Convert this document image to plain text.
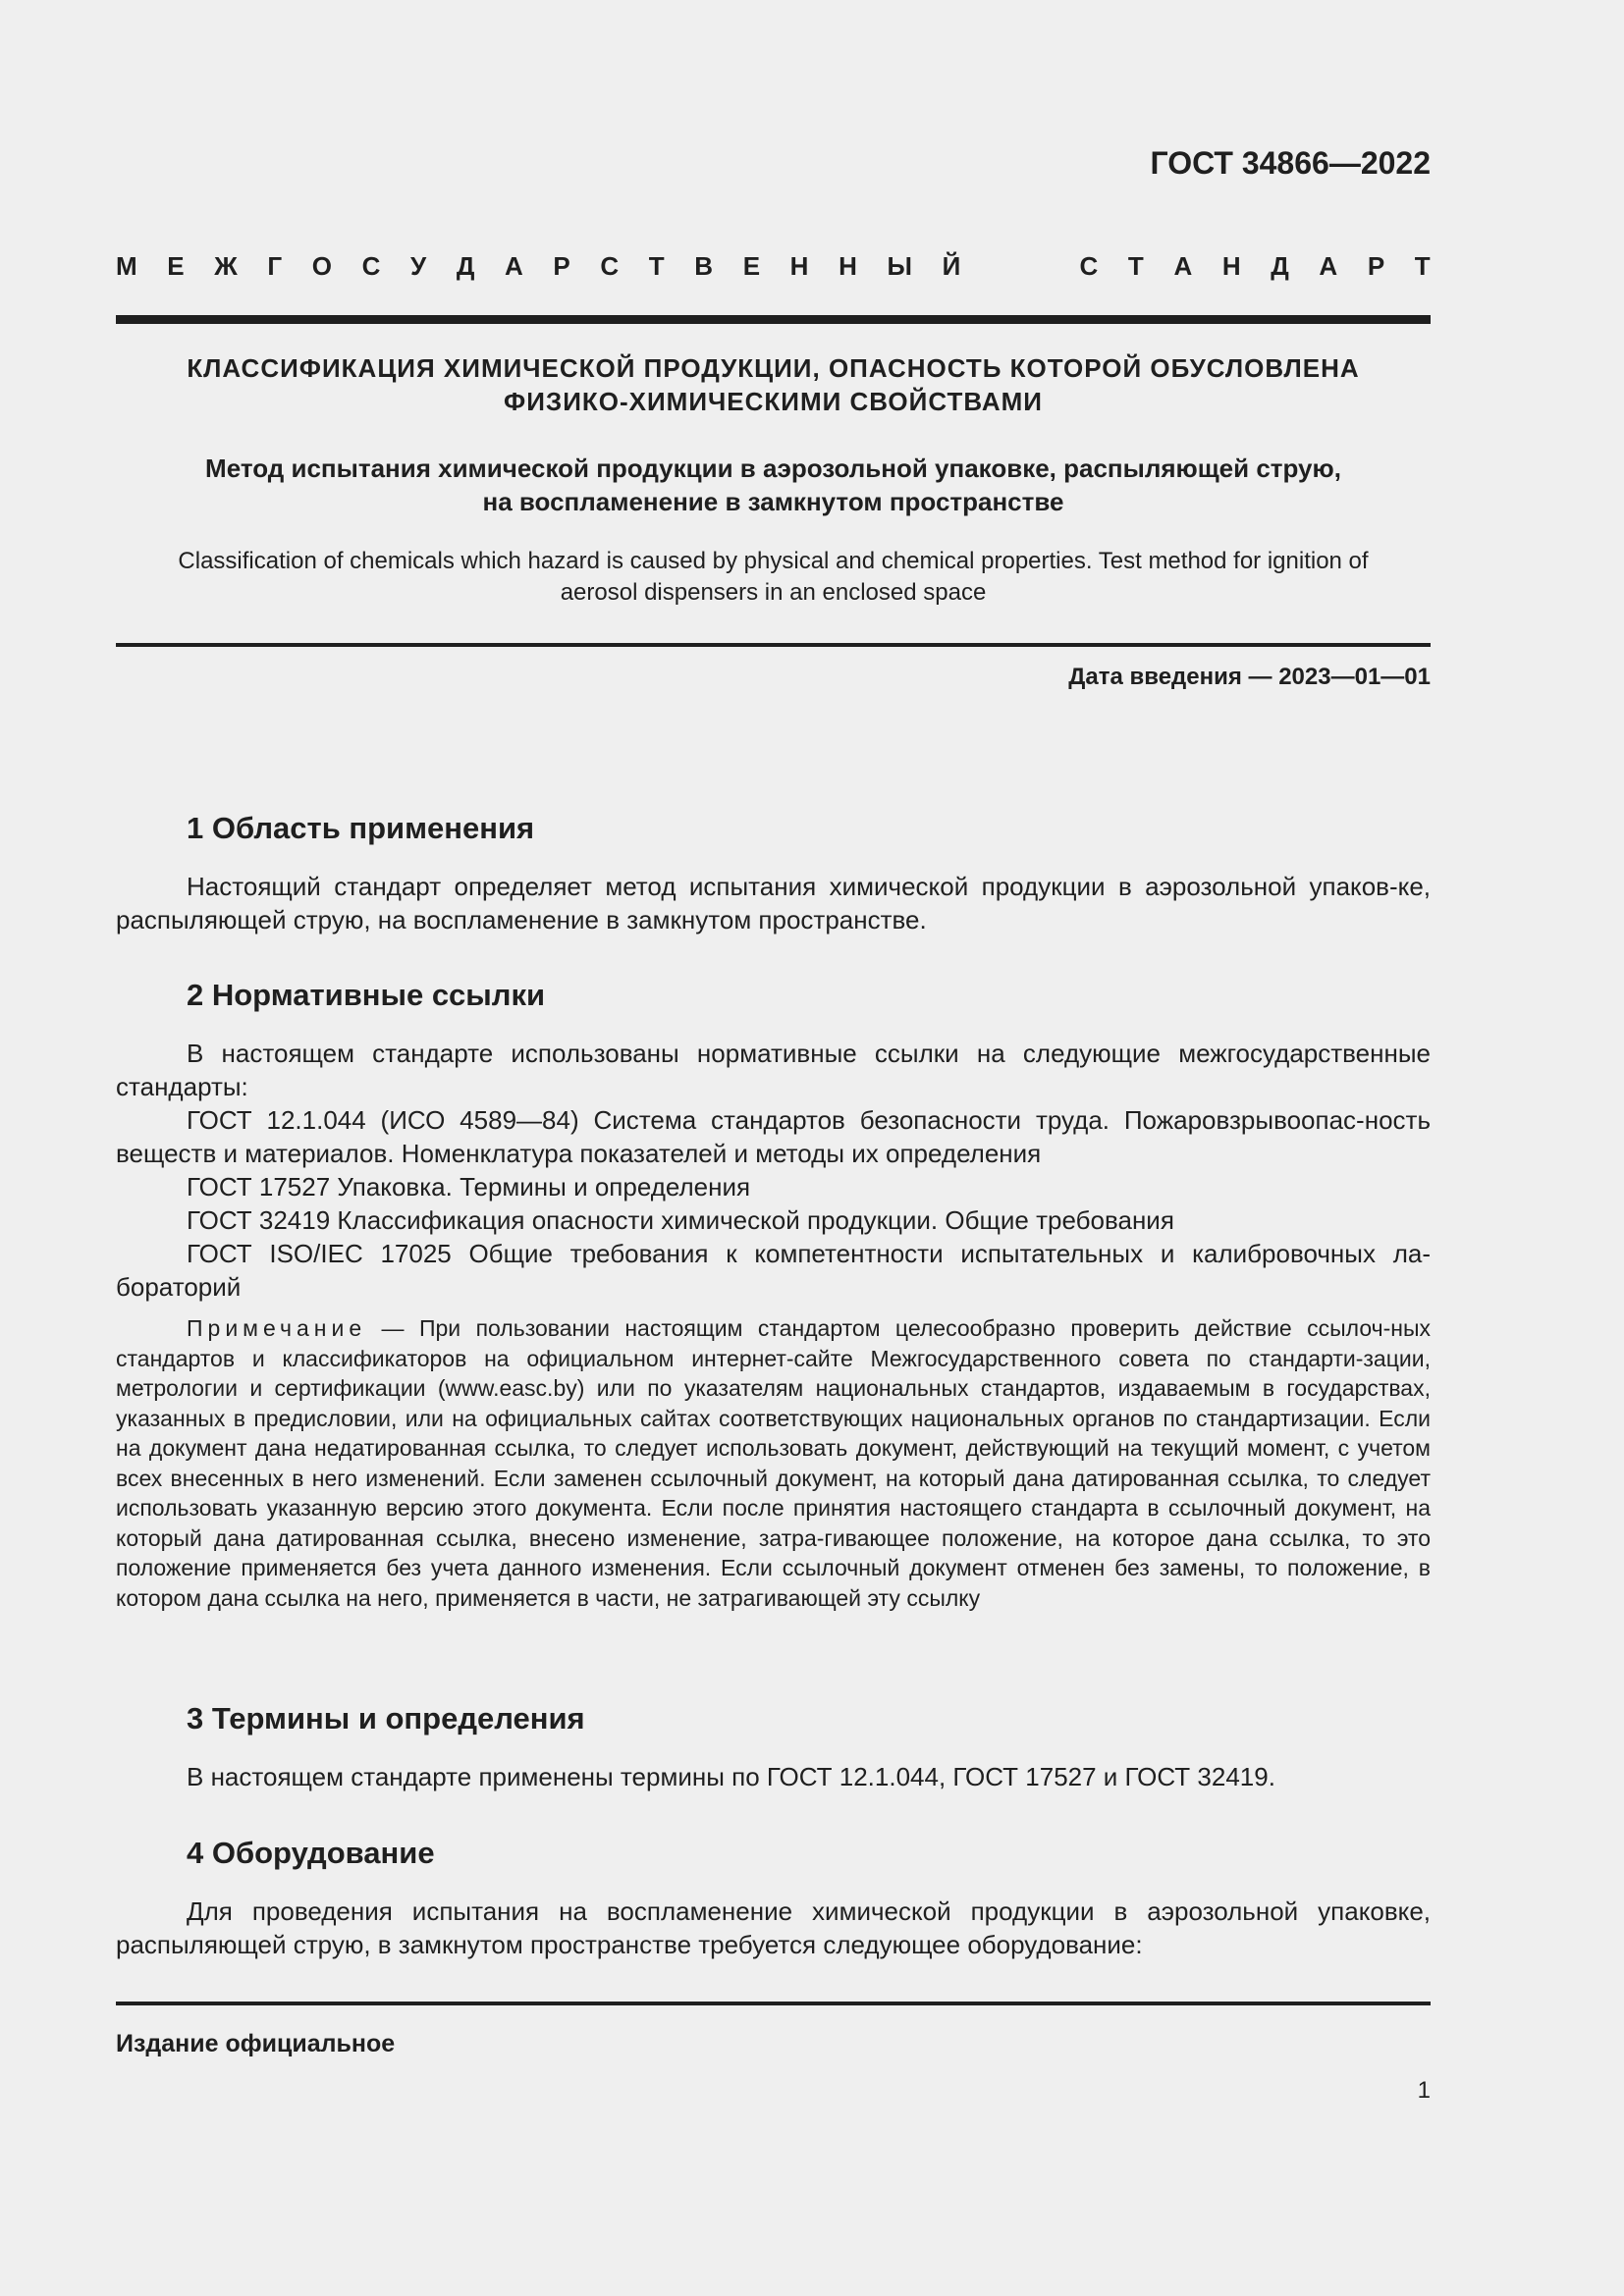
ГОСТ 34866—2022
М Е Ж Г О С У Д А Р С Т В Е Н Н Ы Й	С Т А Н Д А Р Т
КЛАССИФИКАЦИЯ ХИМИЧЕСКОЙ ПРОДУКЦИИ, ОПАСНОСТЬ КОТОРОЙ ОБУСЛОВЛЕНА
ФИЗИКО-ХИМИЧЕСКИМИ СВОЙСТВАМИ
Метод испытания химической продукции в аэрозольной упаковке, распыляющей струю,
на воспламенение в замкнутом пространстве
Classification of chemicals which hazard is caused by physical and chemical properties. Test method for ignition of
aerosol dispensers in an enclosed space
Дата введения — 2023—01—01
1 Область применения

Настоящий стандарт определяет метод испытания химической продукции в аэрозольной упаков-ке, распыляющей струю, на воспламенение в замкнутом пространстве.

2 Нормативные ссылки

В настоящем стандарте использованы нормативные ссылки на следующие межгосударственные стандарты:

ГОСТ 12.1.044 (ИСО 4589—84) Система стандартов безопасности труда. Пожаровзрывоопас-ность веществ и материалов. Номенклатура показателей и методы их определения

ГОСТ 17527 Упаковка. Термины и определения

ГОСТ 32419 Классификация опасности химической продукции. Общие требования

ГОСТ ISO/IEC 17025 Общие требования к компетентности испытательных и калибровочных ла-бораторий

Примечание — При пользовании настоящим стандартом целесообразно проверить действие ссылоч-ных стандартов и классификаторов на официальном интернет-сайте Межгосударственного совета по стандарти-зации, метрологии и сертификации (www.easc.by) или по указателям национальных стандартов, издаваемым в государствах, указанных в предисловии, или на официальных сайтах соответствующих национальных органов по стандартизации. Если на документ дана недатированная ссылка, то следует использовать документ, действующий на текущий момент, с учетом всех внесенных в него изменений. Если заменен ссылочный документ, на который дана датированная ссылка, то следует использовать указанную версию этого документа. Если после принятия настоящего стандарта в ссылочный документ, на который дана датированная ссылка, внесено изменение, затра-гивающее положение, на которое дана ссылка, то это положение применяется без учета данного изменения. Если ссылочный документ отменен без замены, то положение, в котором дана ссылка на него, применяется в части, не затрагивающей эту ссылку

3 Термины и определения

В настоящем стандарте применены термины по ГОСТ 12.1.044, ГОСТ 17527 и ГОСТ 32419.

4 Оборудование

Для проведения испытания на воспламенение химической продукции в аэрозольной упаковке, распыляющей струю, в замкнутом пространстве требуется следующее оборудование:

Издание официальное
1
